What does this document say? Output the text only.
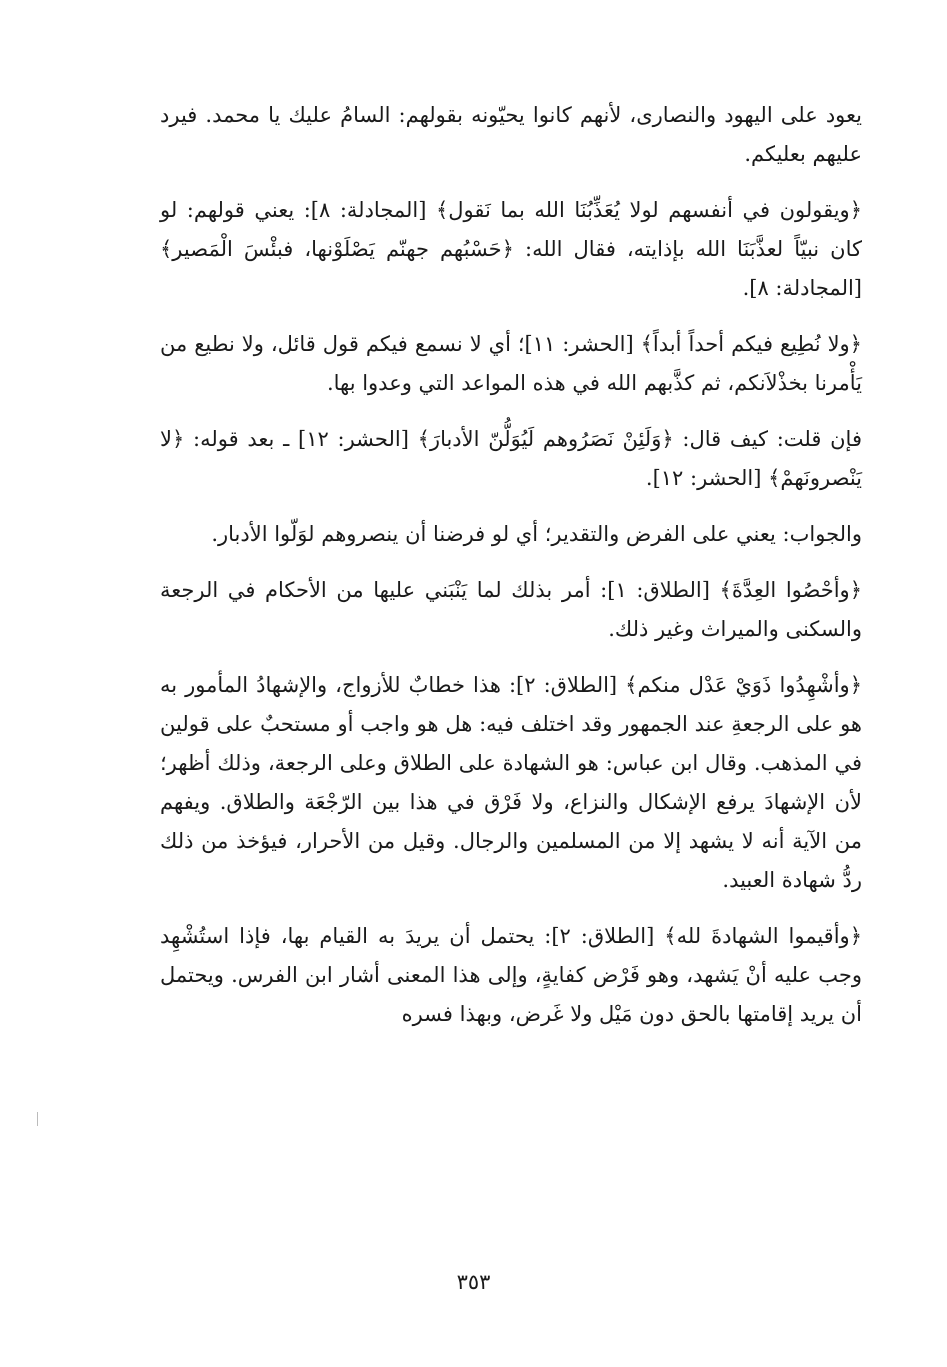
يعود على اليهود والنصارى، لأنهم كانوا يحيّونه بقولهم: السامُ عليك يا محمد. فيرد عليهم بعليكم.

﴿ويقولون في أنفسهم لولا يُعَذِّبُنَا الله بما نَقول﴾ [المجادلة: ٨]: يعني قولهم: لو كان نبيّاً لعذَّبَنَا الله بإذايته، فقال الله: ﴿حَسْبُهم جهنّم يَصْلَوْنها، فبئْسَ الْمَصير﴾ [المجادلة: ٨].

﴿ولا نُطِيع فيكم أحداً أبداً﴾ [الحشر: ١١]؛ أي لا نسمع فيكم قول قائل، ولا نطيع من يَأْمرنا بخذْلاَنكم، ثم كذَّبهم الله في هذه المواعد التي وعدوا بها.

فإن قلت: كيف قال: ﴿وَلَئِنْ نَصَرُوهم لَيُوَلُّنّ الأدبارَ﴾ [الحشر: ١٢] ـ بعد قوله: ﴿لا يَنْصرونَهمْ﴾ [الحشر: ١٢].

والجواب: يعني على الفرض والتقدير؛ أي لو فرضنا أن ينصروهم لوَلّوا الأدبار.

﴿وأحْصُوا العِدَّةَ﴾ [الطلاق: ١]: أمر بذلك لما يَنْبَني عليها من الأحكام في الرجعة والسكنى والميراث وغير ذلك.

﴿وأشْهِدُوا ذَوَيْ عَدْل منكم﴾ [الطلاق: ٢]: هذا خطابٌ للأزواج، والإشهادُ المأمور به هو على الرجعةِ عند الجمهور وقد اختلف فيه: هل هو واجب أو مستحبٌ على قولين في المذهب. وقال ابن عباس: هو الشهادة على الطلاق وعلى الرجعة، وذلك أظهر؛ لأن الإشهادَ يرفع الإشكال والنزاع، ولا فَرْق في هذا بين الرّجْعَة والطلاق. ويفهم من الآية أنه لا يشهد إلا من المسلمين والرجال. وقيل من الأحرار، فيؤخذ من ذلك ردُّ شهادة العبيد.

﴿وأقيموا الشهادةَ لله﴾ [الطلاق: ٢]: يحتمل أن يريدَ به القيام بها، فإذا استُشْهِد وجب عليه أنْ يَشهد، وهو فَرْض كفايةٍ، وإلى هذا المعنى أشار ابن الفرس. ويحتمل أن يريد إقامتها بالحق دون مَيْل ولا غَرض، وبهذا فسره

٣٥٣
